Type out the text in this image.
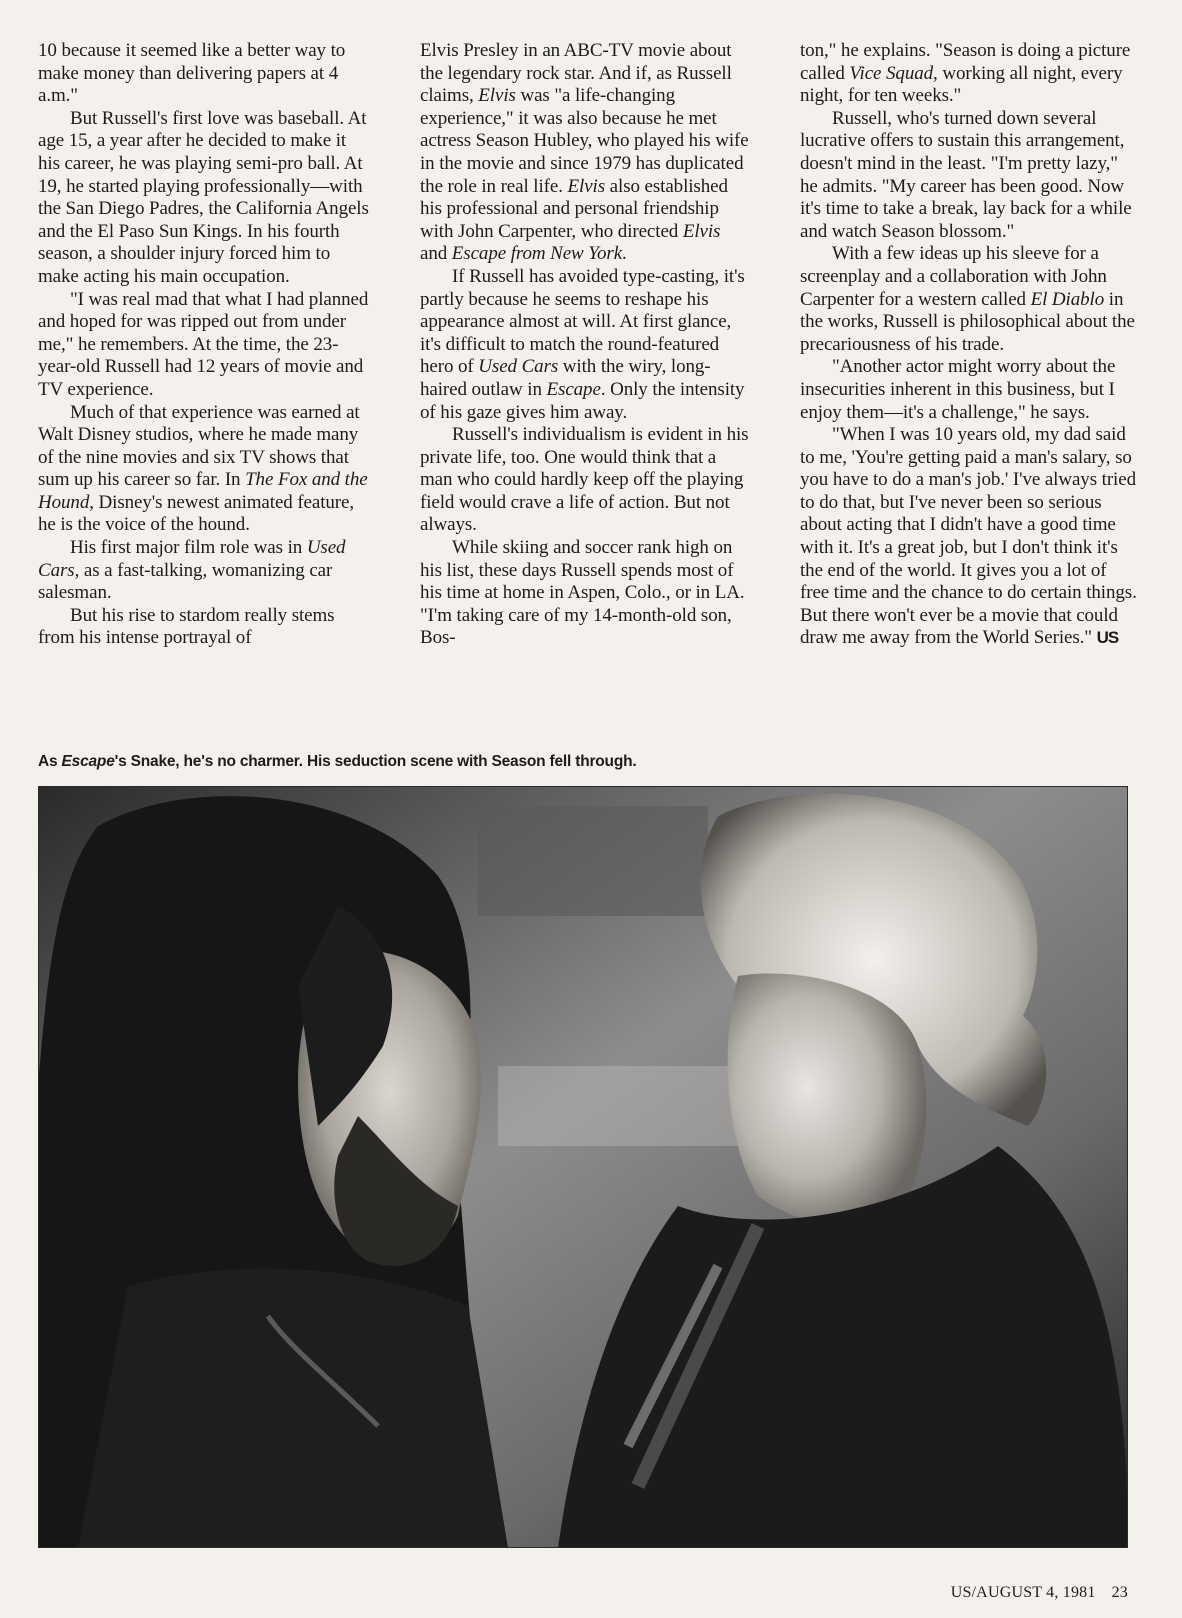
10 because it seemed like a better way to make money than delivering papers at 4 a.m."

But Russell's first love was baseball. At age 15, a year after he decided to make it his career, he was playing semi-pro ball. At 19, he started playing professionally—with the San Diego Padres, the California Angels and the El Paso Sun Kings. In his fourth season, a shoulder injury forced him to make acting his main occupation.

"I was real mad that what I had planned and hoped for was ripped out from under me," he remembers. At the time, the 23-year-old Russell had 12 years of movie and TV experience.

Much of that experience was earned at Walt Disney studios, where he made many of the nine movies and six TV shows that sum up his career so far. In The Fox and the Hound, Disney's newest animated feature, he is the voice of the hound.

His first major film role was in Used Cars, as a fast-talking, womanizing car salesman.

But his rise to stardom really stems from his intense portrayal of

Elvis Presley in an ABC-TV movie about the legendary rock star. And if, as Russell claims, Elvis was "a life-changing experience," it was also because he met actress Season Hubley, who played his wife in the movie and since 1979 has duplicated the role in real life. Elvis also established his professional and personal friendship with John Carpenter, who directed Elvis and Escape from New York.

If Russell has avoided type-casting, it's partly because he seems to reshape his appearance almost at will. At first glance, it's difficult to match the round-featured hero of Used Cars with the wiry, long-haired outlaw in Escape. Only the intensity of his gaze gives him away.

Russell's individualism is evident in his private life, too. One would think that a man who could hardly keep off the playing field would crave a life of action. But not always.

While skiing and soccer rank high on his list, these days Russell spends most of his time at home in Aspen, Colo., or in LA. "I'm taking care of my 14-month-old son, Bos-

ton," he explains. "Season is doing a picture called Vice Squad, working all night, every night, for ten weeks."

Russell, who's turned down several lucrative offers to sustain this arrangement, doesn't mind in the least. "I'm pretty lazy," he admits. "My career has been good. Now it's time to take a break, lay back for a while and watch Season blossom."

With a few ideas up his sleeve for a screenplay and a collaboration with John Carpenter for a western called El Diablo in the works, Russell is philosophical about the precariousness of his trade.

"Another actor might worry about the insecurities inherent in this business, but I enjoy them—it's a challenge," he says.

"When I was 10 years old, my dad said to me, 'You're getting paid a man's salary, so you have to do a man's job.' I've always tried to do that, but I've never been so serious about acting that I didn't have a good time with it. It's a great job, but I don't think it's the end of the world. It gives you a lot of free time and the chance to do certain things. But there won't ever be a movie that could draw me away from the World Series." US

As Escape's Snake, he's no charmer. His seduction scene with Season fell through.
US/AUGUST 4, 1981 23
